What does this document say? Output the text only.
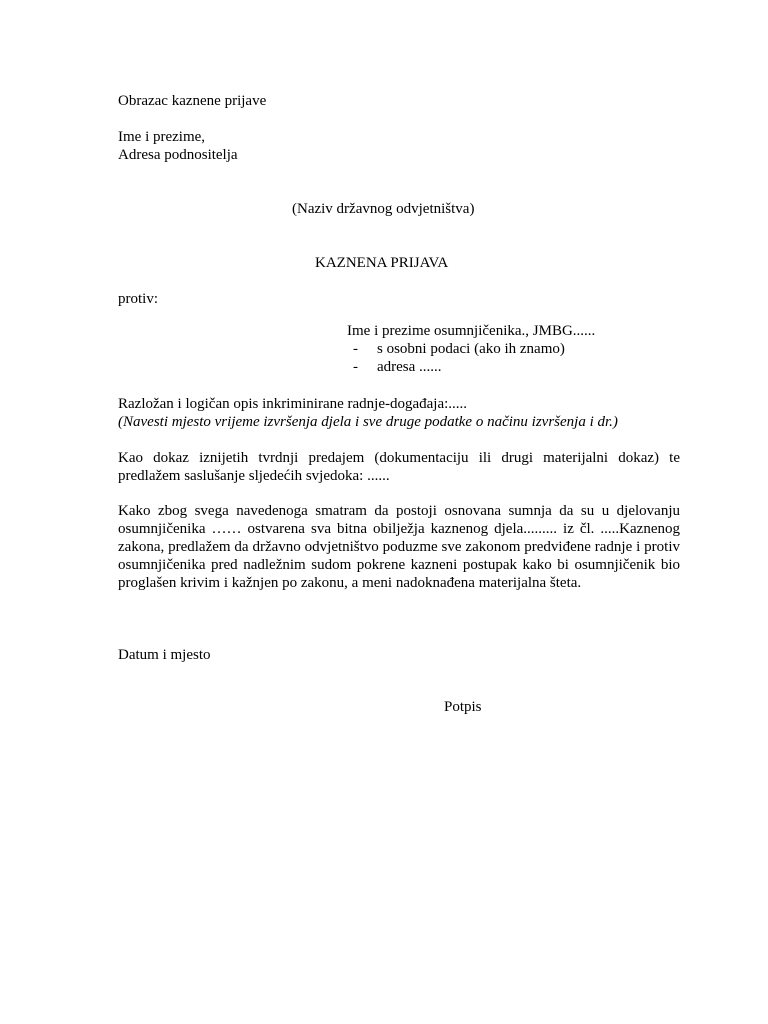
Obrazac kaznene prijave
Ime i prezime,
Adresa podnositelja
(Naziv državnog odvjetništva)
KAZNENA PRIJAVA
protiv:
Ime i prezime osumnjičenika., JMBG......
- s osobni podaci (ako ih znamo)
- adresa ......
Razložan i logičan opis inkriminirane radnje-događaja:.....
(Navesti mjesto vrijeme izvršenja djela i sve druge podatke o načinu izvršenja i dr.)
Kao dokaz iznijetih tvrdnji predajem (dokumentaciju ili drugi materijalni dokaz) te predlažem saslušanje sljedećih svjedoka: ......
Kako zbog svega navedenoga smatram da postoji osnovana sumnja da su u djelovanju osumnjičenika …… ostvarena sva bitna obilježja kaznenog djela......... iz čl. .....Kaznenog zakona, predlažem da državno odvjetništvo poduzme sve zakonom predviđene radnje i protiv osumnjičenika pred nadležnim sudom pokrene kazneni postupak kako bi osumnjičenik bio proglašen krivim i kažnjen po zakonu, a meni nadoknađena materijalna šteta.
Datum i mjesto
Potpis
